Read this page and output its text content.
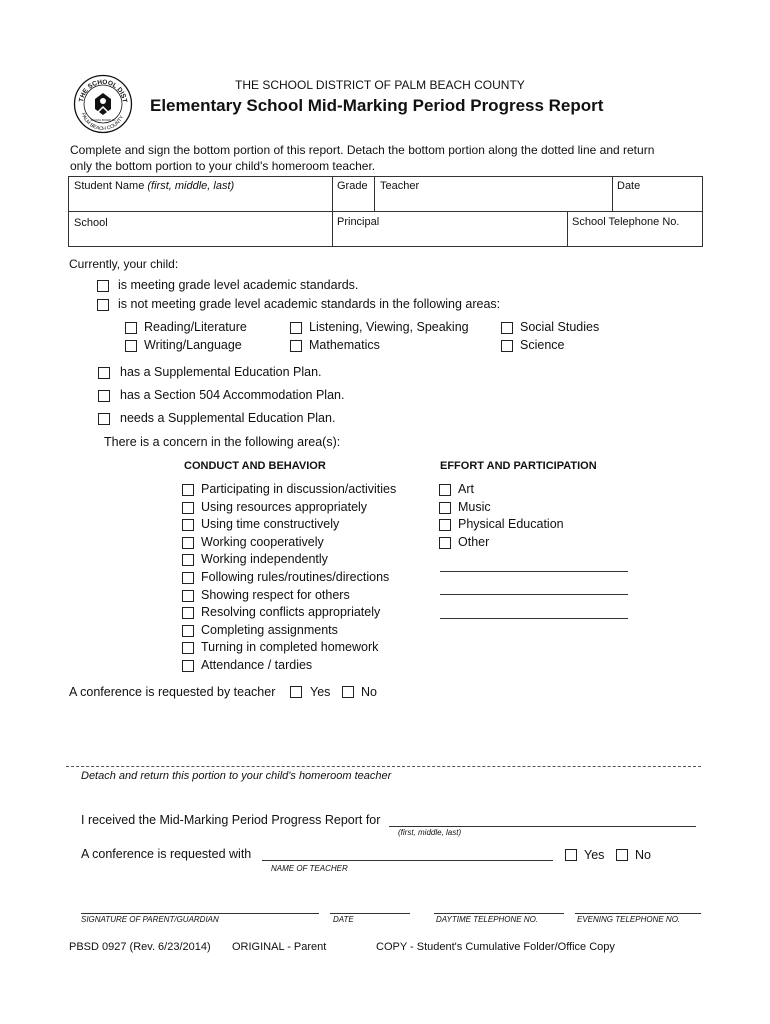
THE SCHOOL DIST
PALM BEACH COUNTY
SCHOOL BOARD OF
THE SCHOOL DISTRICT OF PALM BEACH COUNTY
Elementary School Mid-Marking Period Progress Report
Complete and sign the bottom portion of this report. Detach the bottom portion along the dotted line and return
only the bottom portion to your child's homeroom teacher.
Student Name (first, middle, last)	Grade Teacher	Date
School	Principal	School Telephone No.
Currently, your child:
is meeting grade level academic standards.
is not meeting grade level academic standards in the following areas:
Reading/Literature
Writing/Language
Listening, Viewing, Speaking
Mathematics
Social Studies
Science
has a Supplemental Education Plan.
has a Section 504 Accommodation Plan.
needs a Supplemental Education Plan.
There is a concern in the following area(s):
CONDUCT AND BEHAVIOR	EFFORT AND PARTICIPATION
Participating in discussion/activities
Using resources appropriately
Using time constructively
Working cooperatively
Working independently
Following rules/routines/directions
Showing respect for others
Resolving conflicts appropriately
Completing assignments
Turning in completed homework
Attendance / tardies
Art
Music
Physical Education
Other
A conference is requested by teacher	Yes No
Detach and return this portion to your child's homeroom teacher
I received the Mid-Marking Period Progress Report for
(first, middle, last)
A conference is requested with
NAME OF TEACHER
Yes No
SIGNATURE OF PARENT/GUARDIAN	DATE	DAYTIME TELEPHONE NO.	EVENING TELEPHONE NO.
PBSD 0927 (Rev. 6/23/2014) ORIGINAL - Parent	COPY - Student's Cumulative Folder/Office Copy
